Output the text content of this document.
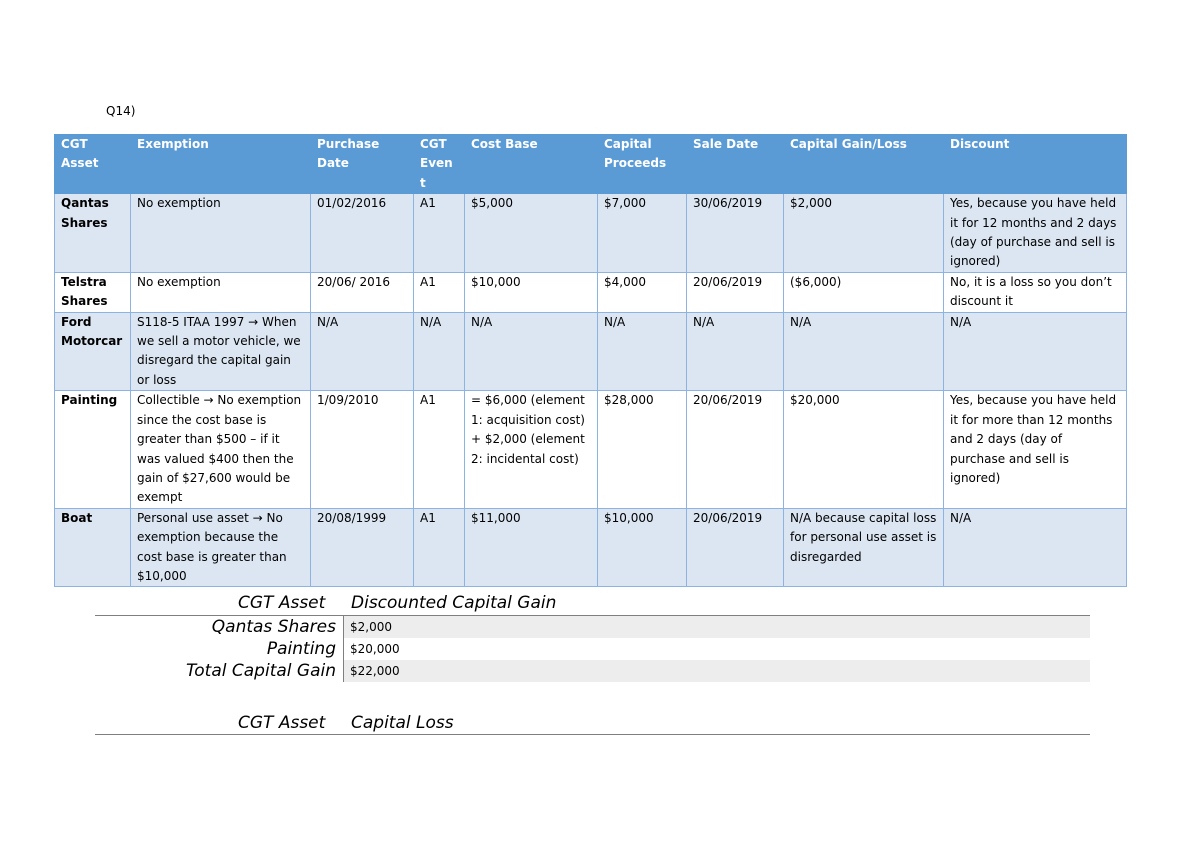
Q14)
CGT Asset	Exemption	Purchase Date	CGT Event	Cost Base	Capital Proceeds	Sale Date	Capital Gain/Loss	Discount
Qantas Shares	No exemption	01/02/2016	A1	$5,000	$7,000	30/06/2019	$2,000	Yes, because you have held it for 12 months and 2 days (day of purchase and sell is ignored)
Telstra Shares	No exemption	20/06/ 2016	A1	$10,000	$4,000	20/06/2019	($6,000)	No, it is a loss so you don’t discount it
Ford Motorcar	S118-5 ITAA 1997 → When we sell a motor vehicle, we disregard the capital gain or loss	N/A	N/A	N/A	N/A	N/A	N/A	N/A
Painting	Collectible → No exemption since the cost base is greater than $500 – if it was valued $400 then the gain of $27,600 would be exempt	1/09/2010	A1	= $6,000 (element 1: acquisition cost) + $2,000 (element 2: incidental cost)	$28,000	20/06/2019	$20,000	Yes, because you have held it for more than 12 months and 2 days (day of purchase and sell is ignored)
Boat	Personal use asset → No exemption because the cost base is greater than $10,000	20/08/1999	A1	$11,000	$10,000	20/06/2019	N/A because capital loss for personal use asset is disregarded	N/A
CGT Asset Discounted Capital Gain
Qantas Shares	$2,000
Painting	$20,000
Total Capital Gain	$22,000
CGT Asset Capital Loss
